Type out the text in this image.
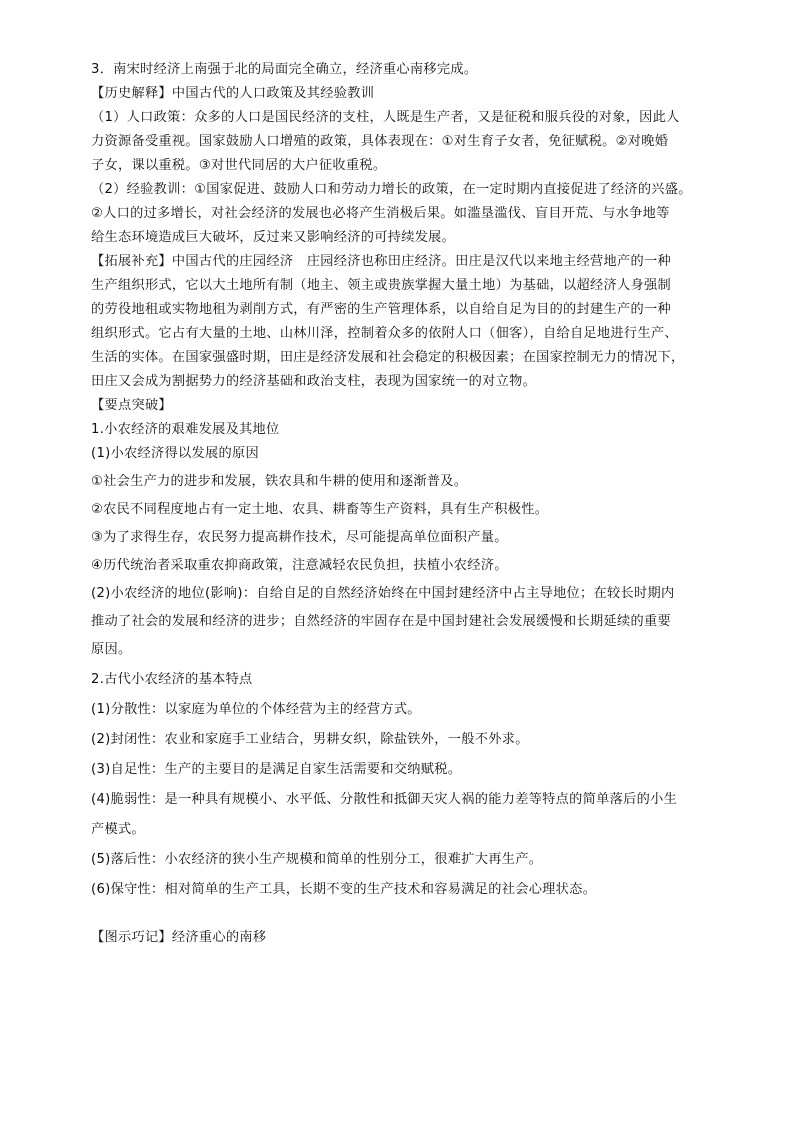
3．南宋时经济上南强于北的局面完全确立，经济重心南移完成。
【历史解释】中国古代的人口政策及其经验教训
（1）人口政策：众多的人口是国民经济的支柱，人既是生产者，又是征税和服兵役的对象，因此人
力资源备受重视。国家鼓励人口增殖的政策，具体表现在：①对生育子女者，免征赋税。②对晚婚
子女，课以重税。③对世代同居的大户征收重税。
（2）经验教训：①国家促进、鼓励人口和劳动力增长的政策，在一定时期内直接促进了经济的兴盛。
②人口的过多增长，对社会经济的发展也必将产生消极后果。如滥垦滥伐、盲目开荒、与水争地等
给生态环境造成巨大破坏，反过来又影响经济的可持续发展。
【拓展补充】中国古代的庄园经济　庄园经济也称田庄经济。田庄是汉代以来地主经营地产的一种
生产组织形式，它以大土地所有制（地主、领主或贵族掌握大量土地）为基础，以超经济人身强制
的劳役地租或实物地租为剥削方式，有严密的生产管理体系，以自给自足为目的的封建生产的一种
组织形式。它占有大量的土地、山林川泽，控制着众多的依附人口（佃客），自给自足地进行生产、
生活的实体。在国家强盛时期，田庄是经济发展和社会稳定的积极因素；在国家控制无力的情况下，
田庄又会成为割据势力的经济基础和政治支柱，表现为国家统一的对立物。
【要点突破】
1.小农经济的艰难发展及其地位
(1)小农经济得以发展的原因
①社会生产力的进步和发展，铁农具和牛耕的使用和逐渐普及。
②农民不同程度地占有一定土地、农具、耕畜等生产资料，具有生产积极性。
③为了求得生存，农民努力提高耕作技术，尽可能提高单位面积产量。
④历代统治者采取重农抑商政策，注意减轻农民负担，扶植小农经济。
(2)小农经济的地位(影响)：自给自足的自然经济始终在中国封建经济中占主导地位；在较长时期内
推动了社会的发展和经济的进步；自然经济的牢固存在是中国封建社会发展缓慢和长期延续的重要
原因。
2.古代小农经济的基本特点
(1)分散性：以家庭为单位的个体经营为主的经营方式。
(2)封闭性：农业和家庭手工业结合，男耕女织，除盐铁外，一般不外求。
(3)自足性：生产的主要目的是满足自家生活需要和交纳赋税。
(4)脆弱性：是一种具有规模小、水平低、分散性和抵御天灾人祸的能力差等特点的简单落后的小生
产模式。
(5)落后性：小农经济的狭小生产规模和简单的性别分工，很难扩大再生产。
(6)保守性：相对简单的生产工具，长期不变的生产技术和容易满足的社会心理状态。
【图示巧记】经济重心的南移
